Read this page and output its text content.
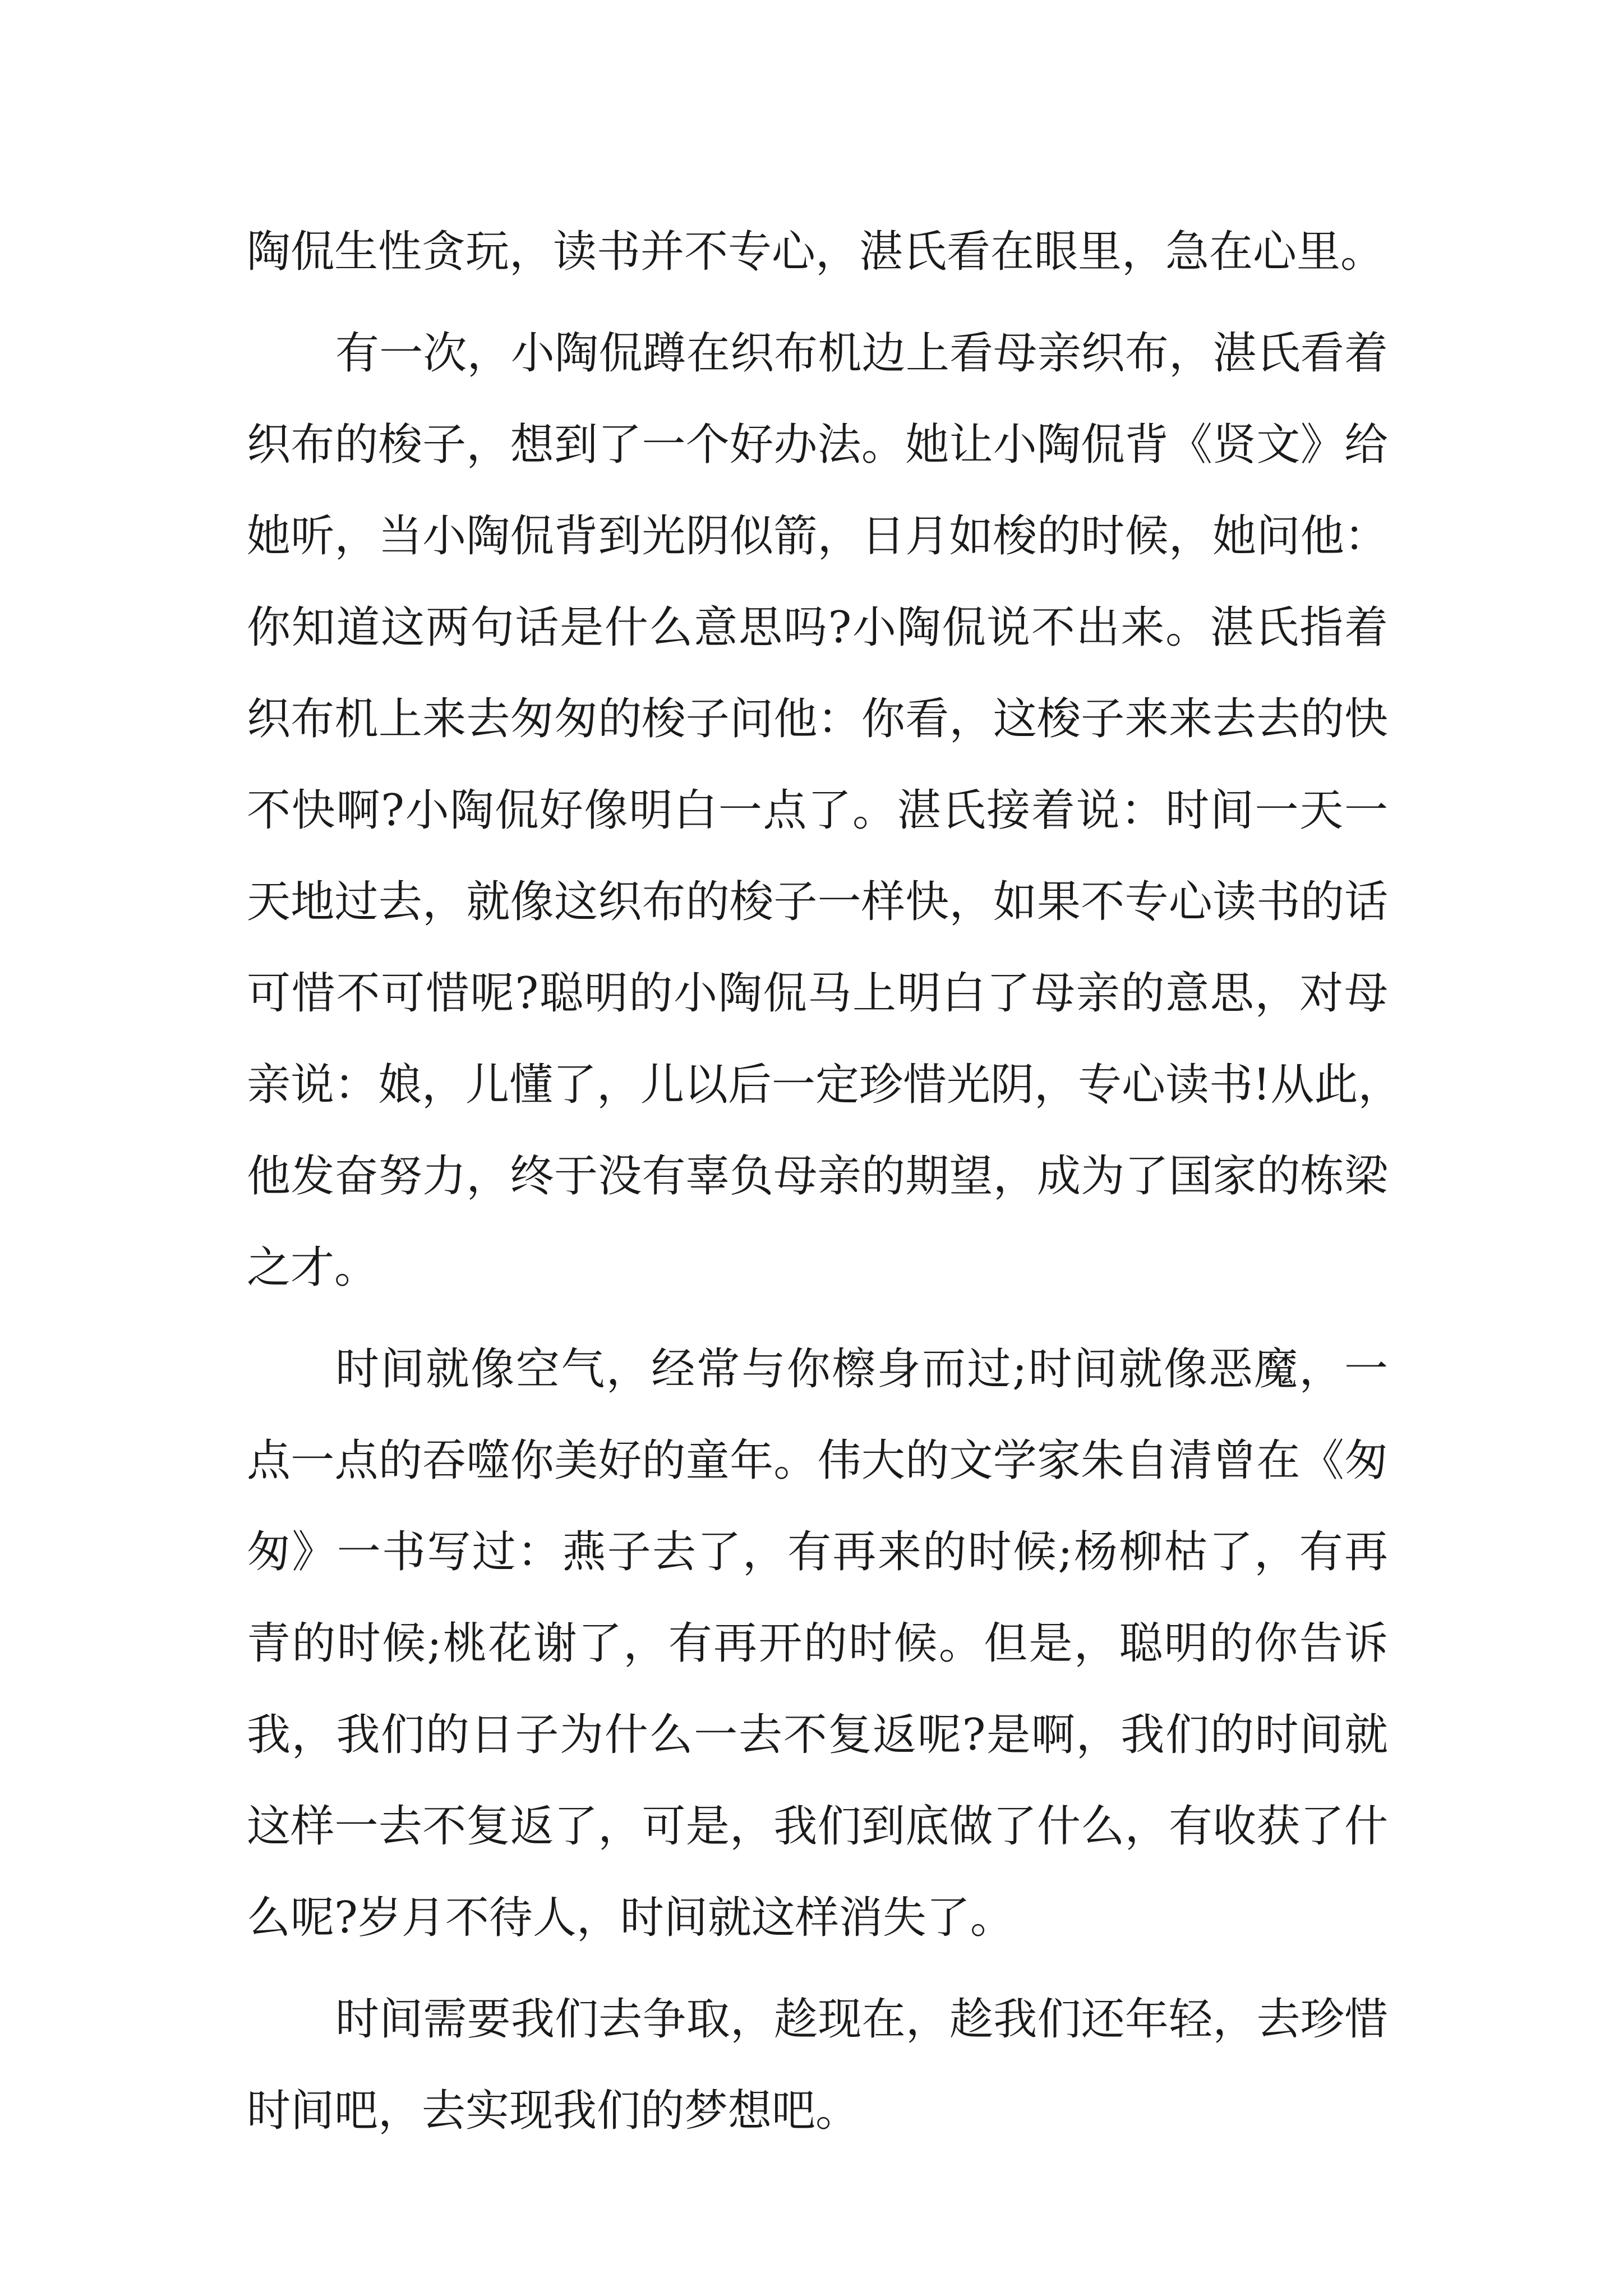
陶侃生性贪玩，读书并不专心，湛氏看在眼里，急在心里。
有一次，小陶侃蹲在织布机边上看母亲织布，湛氏看着
织布的梭子，想到了一个好办法。她让小陶侃背《贤文》给
她听，当小陶侃背到光阴似箭，日月如梭的时候，她问他：
你知道这两句话是什么意思吗?小陶侃说不出来。湛氏指着
织布机上来去匆匆的梭子问他：你看，这梭子来来去去的快
不快啊?小陶侃好像明白一点了。湛氏接着说：时间一天一
天地过去，就像这织布的梭子一样快，如果不专心读书的话
可惜不可惜呢?聪明的小陶侃马上明白了母亲的意思，对母
亲说：娘，儿懂了，儿以后一定珍惜光阴，专心读书!从此，
他发奋努力，终于没有辜负母亲的期望，成为了国家的栋梁
之才。
时间就像空气，经常与你檫身而过;时间就像恶魔，一
点一点的吞噬你美好的童年。伟大的文学家朱自清曾在《匆
匆》一书写过：燕子去了，有再来的时候;杨柳枯了，有再
青的时候;桃花谢了，有再开的时候。但是，聪明的你告诉
我，我们的日子为什么一去不复返呢?是啊，我们的时间就
这样一去不复返了，可是，我们到底做了什么，有收获了什
么呢?岁月不待人，时间就这样消失了。
时间需要我们去争取，趁现在，趁我们还年轻，去珍惜
时间吧，去实现我们的梦想吧。
